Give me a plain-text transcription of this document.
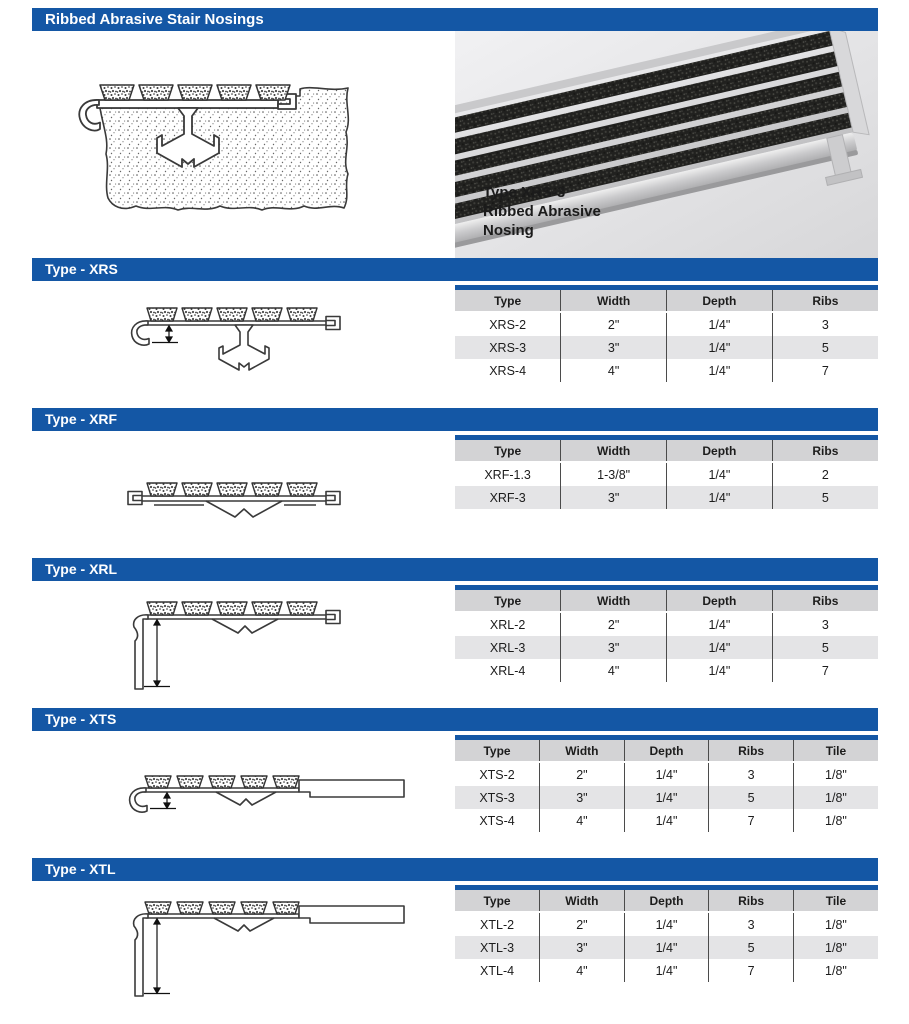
Ribbed Abrasive Stair Nosings
Type XRS-3
Ribbed Abrasive
Nosing
Type - XRS
Type	Width	Depth	Ribs
XRS-2	2"	1/4"	3
XRS-3	3"	1/4"	5
XRS-4	4"	1/4"	7
Type - XRF
Type	Width	Depth	Ribs
XRF-1.3	1-3/8"	1/4"	2
XRF-3	3"	1/4"	5
Type - XRL
Type	Width	Depth	Ribs
XRL-2	2"	1/4"	3
XRL-3	3"	1/4"	5
XRL-4	4"	1/4"	7
Type - XTS
Type	Width	Depth	Ribs	Tile
XTS-2	2"	1/4"	3	1/8"
XTS-3	3"	1/4"	5	1/8"
XTS-4	4"	1/4"	7	1/8"
Type - XTL
Type	Width	Depth	Ribs	Tile
XTL-2	2"	1/4"	3	1/8"
XTL-3	3"	1/4"	5	1/8"
XTL-4	4"	1/4"	7	1/8"
